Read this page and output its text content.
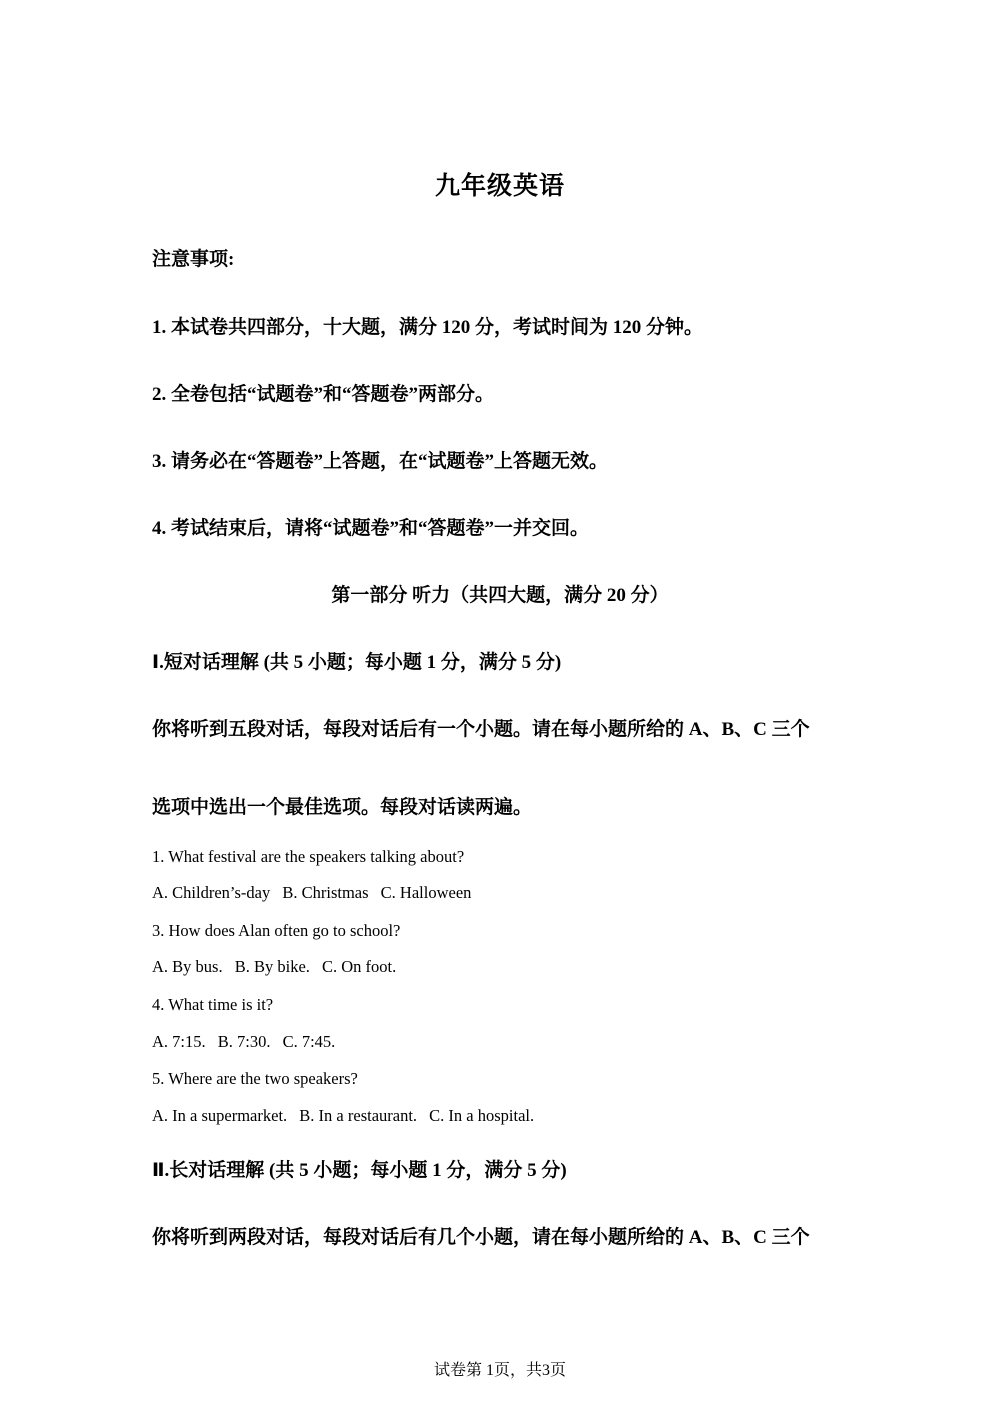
九年级英语
注意事项:
1. 本试卷共四部分，十大题，满分 120 分，考试时间为 120 分钟。
2. 全卷包括“试题卷”和“答题卷”两部分。
3. 请务必在“答题卷”上答题，在“试题卷”上答题无效。
4. 考试结束后，请将“试题卷”和“答题卷”一并交回。
第一部分 听力（共四大题，满分 20 分）
Ⅰ.短对话理解 (共 5 小题；每小题 1 分，满分 5 分)
你将听到五段对话，每段对话后有一个小题。请在每小题所给的 A、B、C 三个
选项中选出一个最佳选项。每段对话读两遍。
1. What festival are the speakers talking about?
A. Children’s-day B. Christmas C. Halloween
3. How does Alan often go to school?
A. By bus. B. By bike. C. On foot.
4. What time is it?
A. 7:15. B. 7:30. C. 7:45.
5. Where are the two speakers?
A. In a supermarket. B. In a restaurant. C. In a hospital.
Ⅱ.长对话理解 (共 5 小题；每小题 1 分，满分 5 分)
你将听到两段对话，每段对话后有几个小题，请在每小题所给的 A、B、C 三个
试卷第 1页，共3页
